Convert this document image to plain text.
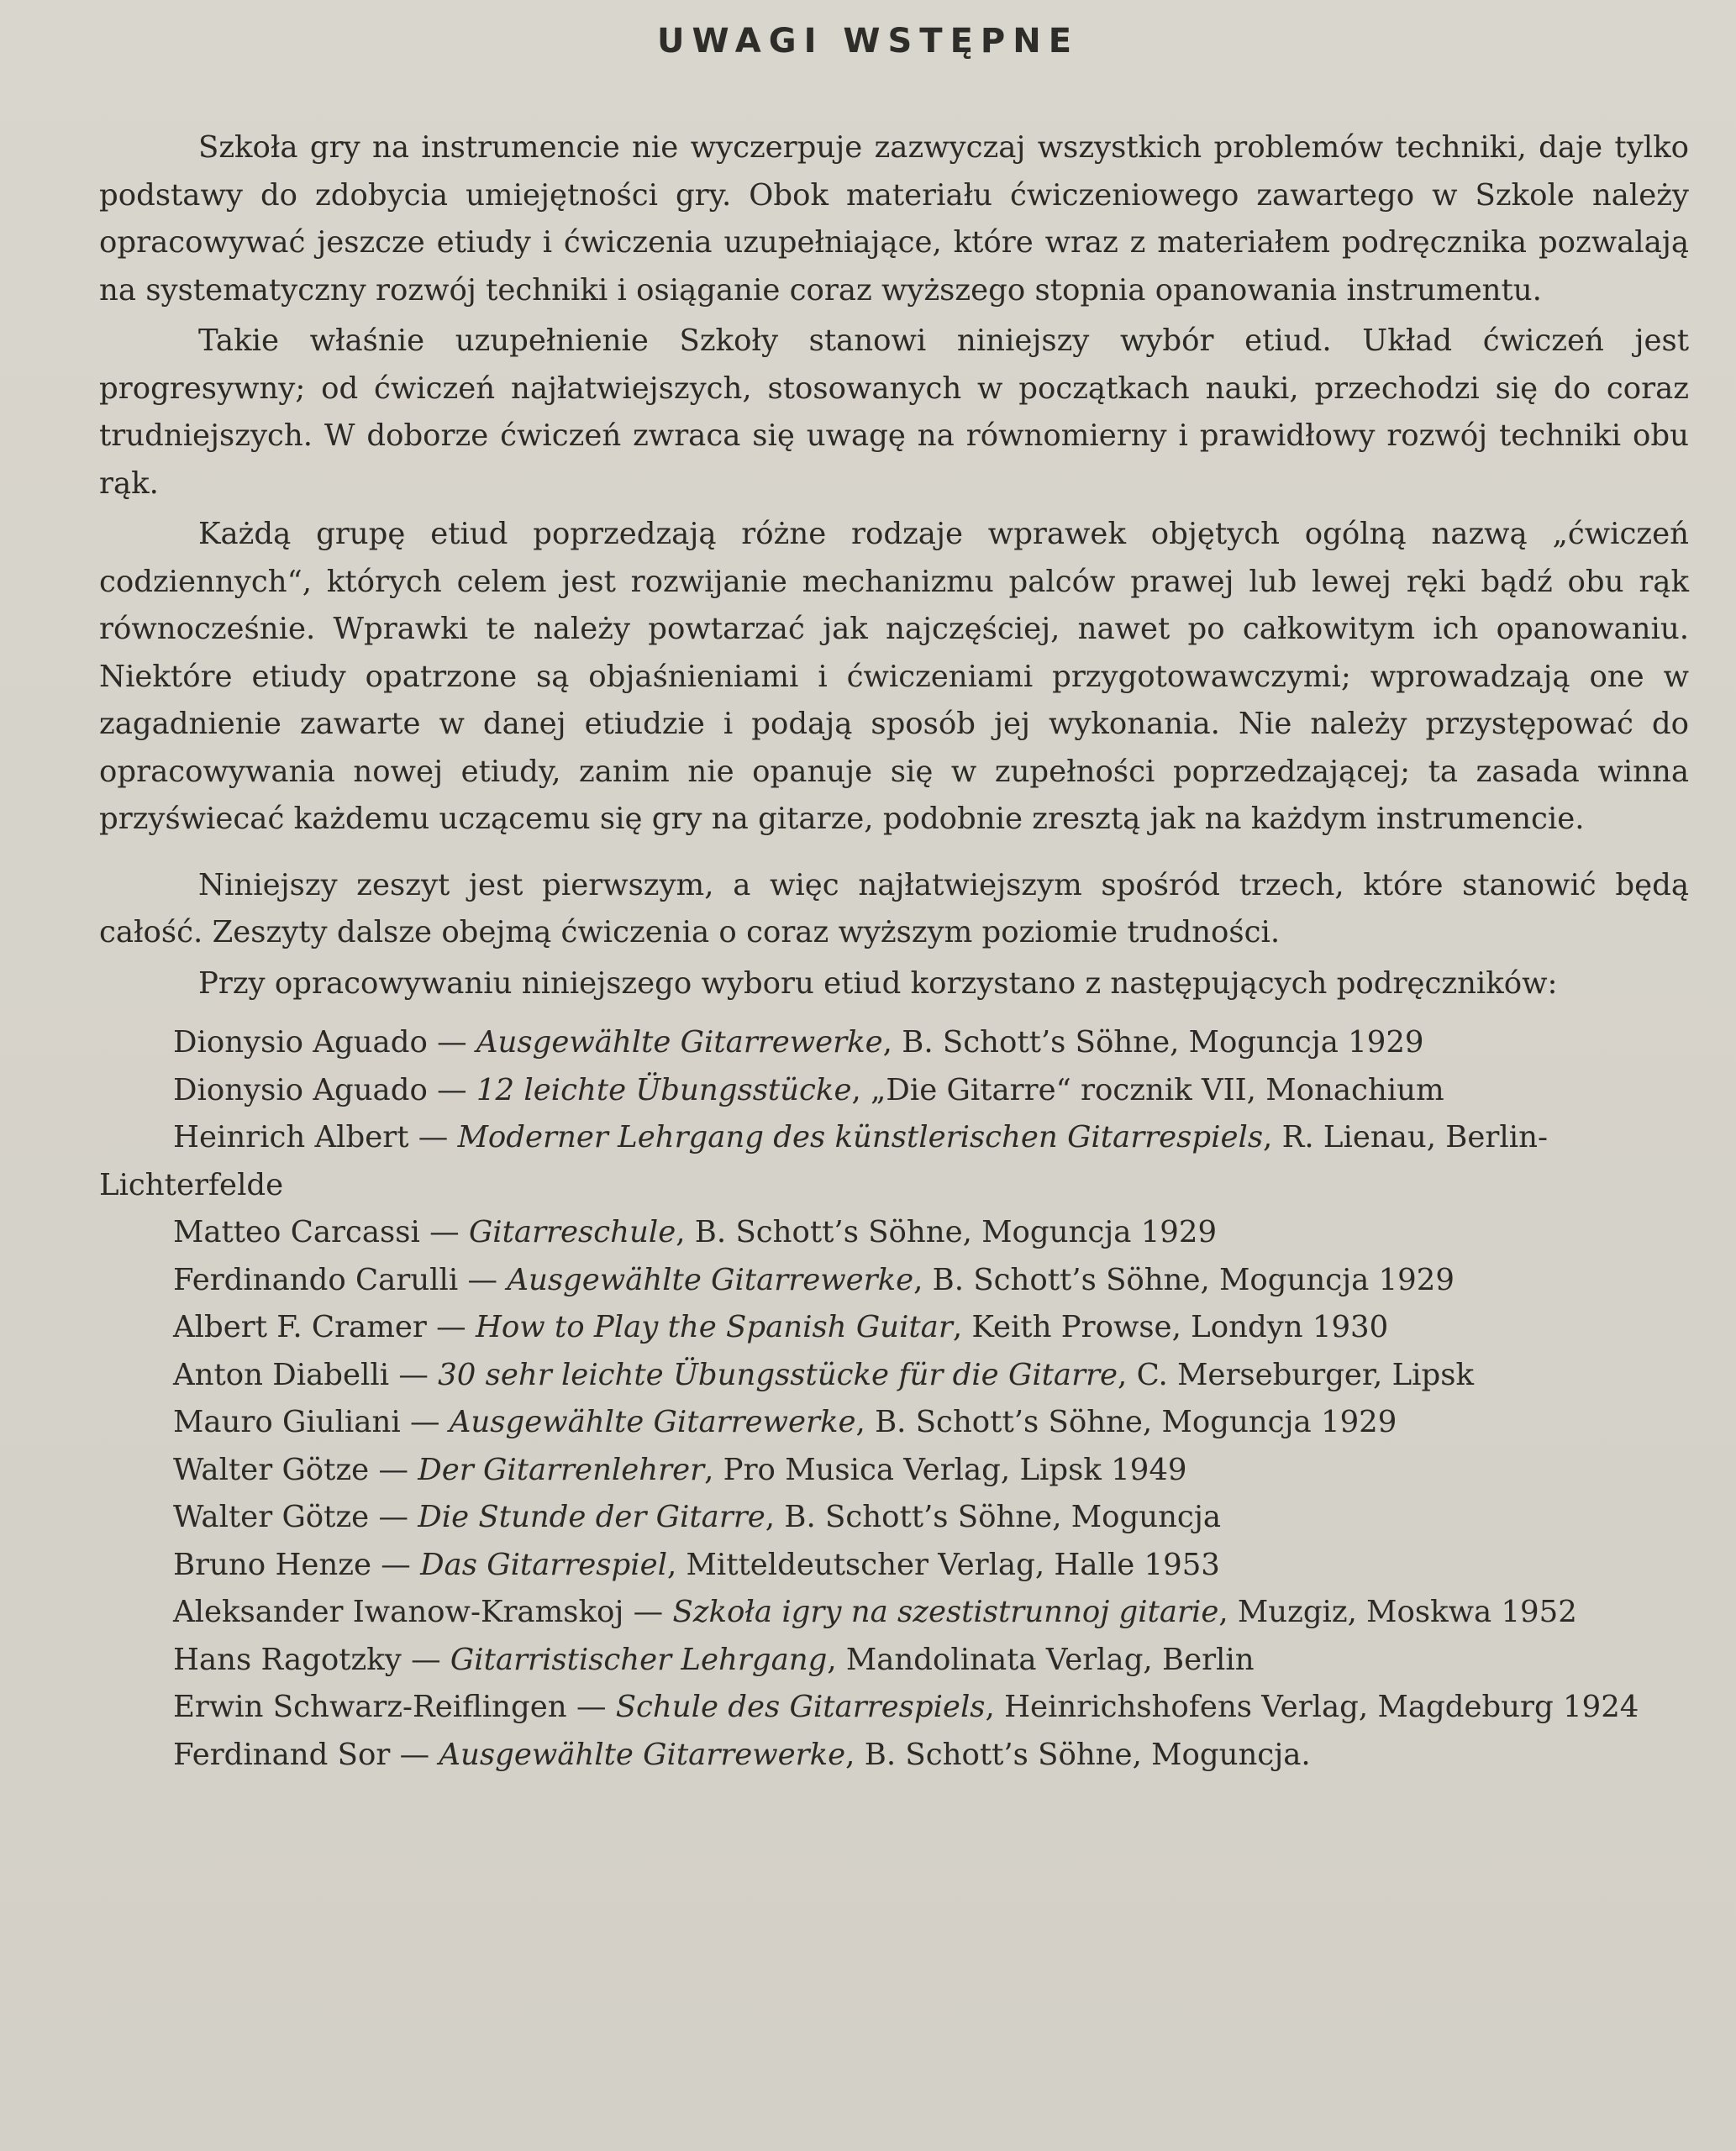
UWAGI WSTĘPNE

Szkoła gry na instrumencie nie wyczerpuje zazwyczaj wszystkich problemów techniki, daje tylko podstawy do zdobycia umiejętności gry. Obok materiału ćwiczeniowego zawartego w Szkole należy opracowywać jeszcze etiudy i ćwiczenia uzupełniające, które wraz z materiałem podręcznika pozwalają na systematyczny rozwój techniki i osiąganie coraz wyższego stopnia opanowania instrumentu.

Takie właśnie uzupełnienie Szkoły stanowi niniejszy wybór etiud. Układ ćwiczeń jest progresywny; od ćwiczeń najłatwiejszych, stosowanych w początkach nauki, przechodzi się do coraz trudniejszych. W doborze ćwiczeń zwraca się uwagę na równomierny i prawidłowy rozwój techniki obu rąk.

Każdą grupę etiud poprzedzają różne rodzaje wprawek objętych ogólną nazwą „ćwiczeń codziennych“, których celem jest rozwijanie mechanizmu palców prawej lub lewej ręki bądź obu rąk równocześnie. Wprawki te należy powtarzać jak najczęściej, nawet po całkowitym ich opanowaniu. Niektóre etiudy opatrzone są objaśnieniami i ćwiczeniami przygotowawczymi; wprowadzają one w zagadnienie zawarte w danej etiudzie i podają sposób jej wykonania. Nie należy przystępować do opracowywania nowej etiudy, zanim nie opanuje się w zupełności poprzedzającej; ta zasada winna przyświecać każdemu uczącemu się gry na gitarze, podobnie zresztą jak na każdym instrumencie.

Niniejszy zeszyt jest pierwszym, a więc najłatwiejszym spośród trzech, które stanowić będą całość. Zeszyty dalsze obejmą ćwiczenia o coraz wyższym poziomie trudności.

Przy opracowywaniu niniejszego wyboru etiud korzystano z następujących podręczników:

Dionysio Aguado — Ausgewählte Gitarrewerke, B. Schott’s Söhne, Moguncja 1929

Dionysio Aguado — 12 leichte Übungsstücke, „Die Gitarre“ rocznik VII, Monachium

Heinrich Albert — Moderner Lehrgang des künstlerischen Gitarrespiels, R. Lienau, Berlin-Lichterfelde

Matteo Carcassi — Gitarreschule, B. Schott’s Söhne, Moguncja 1929

Ferdinando Carulli — Ausgewählte Gitarrewerke, B. Schott’s Söhne, Moguncja 1929

Albert F. Cramer — How to Play the Spanish Guitar, Keith Prowse, Londyn 1930

Anton Diabelli — 30 sehr leichte Übungsstücke für die Gitarre, C. Merseburger, Lipsk

Mauro Giuliani — Ausgewählte Gitarrewerke, B. Schott’s Söhne, Moguncja 1929

Walter Götze — Der Gitarrenlehrer, Pro Musica Verlag, Lipsk 1949

Walter Götze — Die Stunde der Gitarre, B. Schott’s Söhne, Moguncja

Bruno Henze — Das Gitarrespiel, Mitteldeutscher Verlag, Halle 1953

Aleksander Iwanow-Kramskoj — Szkoła igry na szestistrunnoj gitarie, Muzgiz, Moskwa 1952

Hans Ragotzky — Gitarristischer Lehrgang, Mandolinata Verlag, Berlin

Erwin Schwarz-Reiflingen — Schule des Gitarrespiels, Heinrichshofens Verlag, Magdeburg 1924

Ferdinand Sor — Ausgewählte Gitarrewerke, B. Schott’s Söhne, Moguncja.
